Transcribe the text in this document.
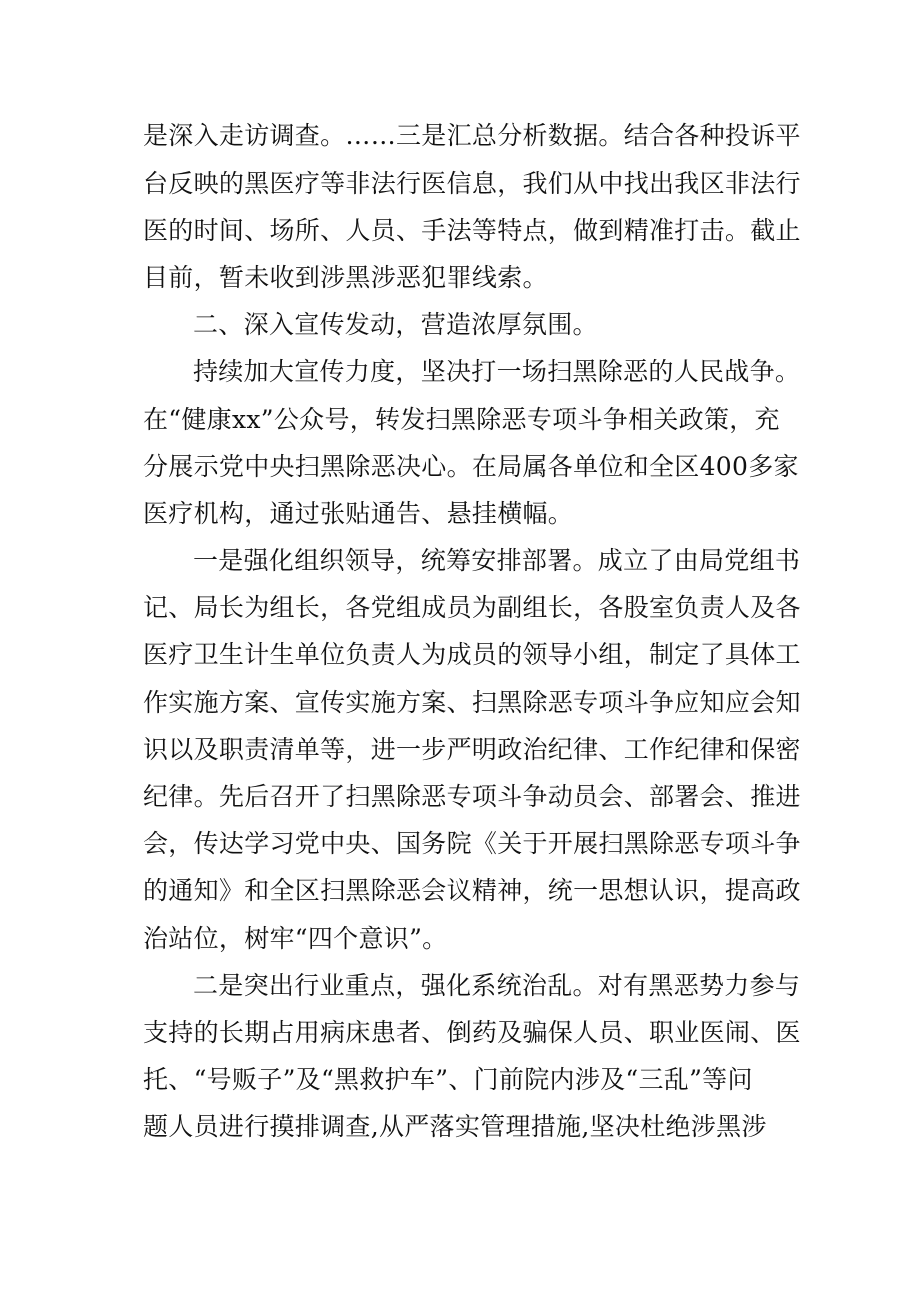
是深入走访调查。……三是汇总分析数据。结合各种投诉平
台反映的黑医疗等非法行医信息，我们从中找出我区非法行
医的时间、场所、人员、手法等特点，做到精准打击。截止
目前，暂未收到涉黑涉恶犯罪线索。
二、深入宣传发动，营造浓厚氛围。
持续加大宣传力度，坚决打一场扫黑除恶的人民战争。
在“健康xx”公众号，转发扫黑除恶专项斗争相关政策，充
分展示党中央扫黑除恶决心。在局属各单位和全区400多家
医疗机构，通过张贴通告、悬挂横幅。
一是强化组织领导，统筹安排部署。成立了由局党组书
记、局长为组长，各党组成员为副组长，各股室负责人及各
医疗卫生计生单位负责人为成员的领导小组，制定了具体工
作实施方案、宣传实施方案、扫黑除恶专项斗争应知应会知
识以及职责清单等，进一步严明政治纪律、工作纪律和保密
纪律。先后召开了扫黑除恶专项斗争动员会、部署会、推进
会，传达学习党中央、国务院《关于开展扫黑除恶专项斗争
的通知》和全区扫黑除恶会议精神，统一思想认识，提高政
治站位，树牢“四个意识”。
二是突出行业重点，强化系统治乱。对有黑恶势力参与
支持的长期占用病床患者、倒药及骗保人员、职业医闹、医
托、“号贩子”及“黑救护车”、门前院内涉及“三乱”等问
题人员进行摸排调查,从严落实管理措施,坚决杜绝涉黑涉
